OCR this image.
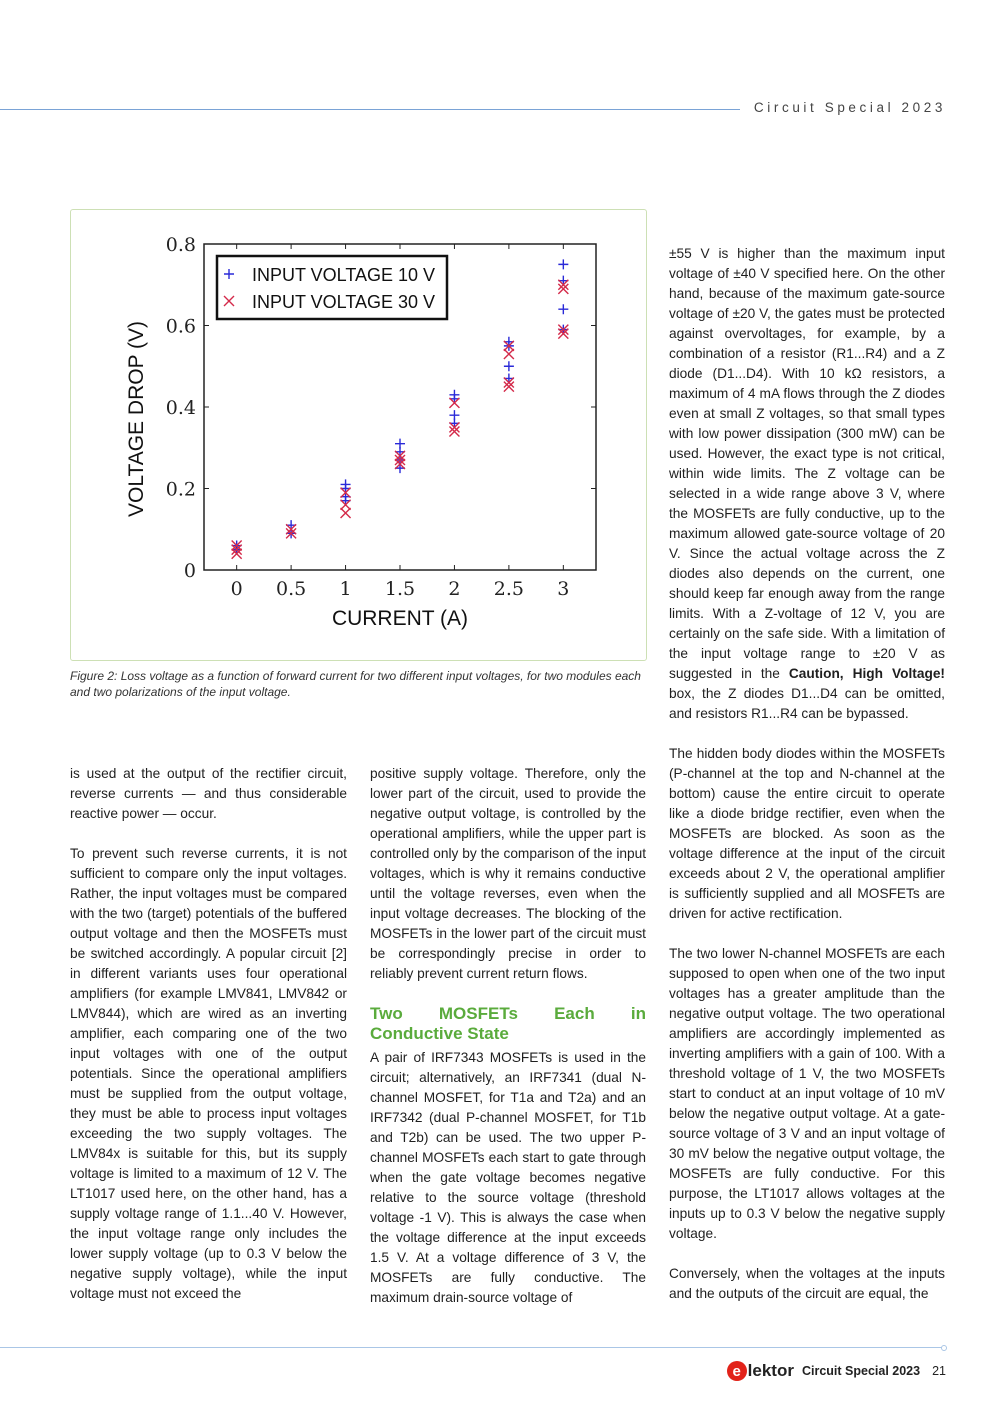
Circuit Special 2023
0 0.5 1 1.5 2 2.5 3
0
0.2
0.4
0.6
0.8
CURRENT (A)
VOLTAGE DROP (V)
INPUT VOLTAGE 10 V
INPUT VOLTAGE 30 V
Figure 2: Loss voltage as a function of forward current for two different input voltages, for two modules each and two polarizations of the input voltage.

is used at the output of the rectifier circuit, reverse currents — and thus considerable reactive power — occur.

To prevent such reverse currents, it is not sufficient to compare only the input voltages. Rather, the input voltages must be compared with the two (target) potentials of the buffered output voltage and then the MOSFETs must be switched accordingly. A popular circuit [2] in different variants uses four operational amplifiers (for example LMV841, LMV842 or LMV844), which are wired as an inverting amplifier, each comparing one of the two input voltages with one of the output potentials. Since the operational amplifiers must be supplied from the output voltage, they must be able to process input voltages exceeding the two supply voltages. The LMV84x is suitable for this, but its supply voltage is limited to a maximum of 12 V. The LT1017 used here, on the other hand, has a supply voltage range of 1.1...40 V. However, the input voltage range only includes the lower supply voltage (up to 0.3 V below the negative supply voltage), while the input voltage must not exceed the

positive supply voltage. Therefore, only the lower part of the circuit, used to provide the negative output voltage, is controlled by the operational amplifiers, while the upper part is controlled only by the comparison of the input voltages, which is why it remains conductive until the voltage reverses, even when the input voltage decreases. The blocking of the MOSFETs in the lower part of the circuit must be correspondingly precise in order to reliably prevent current return flows.

Two MOSFETs Each in Conductive State

A pair of IRF7343 MOSFETs is used in the circuit; alternatively, an IRF7341 (dual N-channel MOSFET, for T1a and T2a) and an IRF7342 (dual P-channel MOSFET, for T1b and T2b) can be used. The two upper P-channel MOSFETs each start to gate through when the gate voltage becomes negative relative to the source voltage (threshold voltage -1 V). This is always the case when the voltage difference at the input exceeds 1.5 V. At a voltage difference of 3 V, the MOSFETs are fully conductive. The maximum drain-source voltage of

±55 V is higher than the maximum input voltage of ±40 V specified here. On the other hand, because of the maximum gate-source voltage of ±20 V, the gates must be protected against overvoltages, for example, by a combination of a resistor (R1...R4) and a Z diode (D1...D4). With 10 kΩ resistors, a maximum of 4 mA flows through the Z diodes even at small Z voltages, so that small types with low power dissipation (300 mW) can be used. However, the exact type is not critical, within wide limits. The Z voltage can be selected in a wide range above 3 V, where the MOSFETs are fully conductive, up to the maximum allowed gate-source voltage of 20 V. Since the actual voltage across the Z diodes also depends on the current, one should keep far enough away from the range limits. With a Z-voltage of 12 V, you are certainly on the safe side. With a limitation of the input voltage range to ±20 V as suggested in the Caution, High Voltage! box, the Z diodes D1...D4 can be omitted, and resistors R1...R4 can be bypassed.

The hidden body diodes within the MOSFETs (P-channel at the top and N-channel at the bottom) cause the entire circuit to operate like a diode bridge rectifier, even when the MOSFETs are blocked. As soon as the voltage difference at the input of the circuit exceeds about 2 V, the operational amplifier is sufficiently supplied and all MOSFETs are driven for active rectification.

The two lower N-channel MOSFETs are each supposed to open when one of the two input voltages has a greater amplitude than the negative output voltage. The two operational amplifiers are accordingly implemented as inverting amplifiers with a gain of 100. With a threshold voltage of 1 V, the two MOSFETs start to conduct at an input voltage of 10 mV below the negative output voltage. At a gate-source voltage of 3 V and an input voltage of 30 mV below the negative output voltage, the MOSFETs are fully conductive. For this purpose, the LT1017 allows voltages at the inputs up to 0.3 V below the negative supply voltage.

Conversely, when the voltages at the inputs and the outputs of the circuit are equal, the

e lektor Circuit Special 2023 21
